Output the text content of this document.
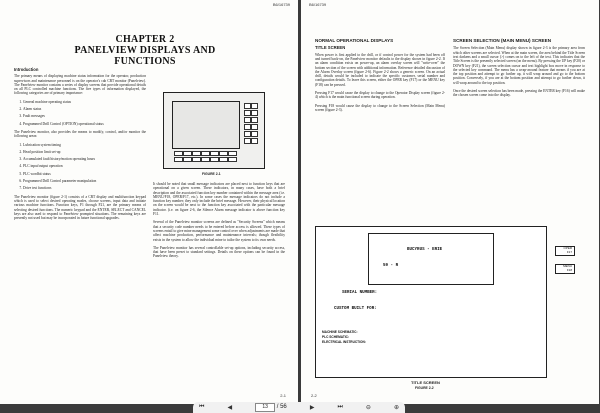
B6/16739
CHAPTER 2
PANELVIEW DISPLAYS AND FUNCTIONS
Introduction

The primary means of displaying machine status information for the operator, production supervisors and maintenance personnel is on the operator's cab CRT monitor (Panelview). The Panelview monitor contains a series of display screens that provide operational details on all PLC controlled machine functions. The five types of information displayed, the following categories are of primary importance:

1. General machine operating status
2. Alarm status
3. Fault messages
4. Programmed Drill Control (OPTION) operational status

The Panelview monitor, also provides the means to modify, control, and/or monitor the following areas:

1. Lubrication system timing
2. Head position limit set-up
3. Accumulated fault history/motion operating hours
4. PLC input/output operation
5. PLC wordbit status
6. Programmed Drill Control parameter manipulation
7. Drive test functions

The Panelview monitor (figure 2-1) consists of a CRT display and multifunction keypad which is used to select desired operating modes, choose screens, input data and initiate various machine functions. Function keys, F1 through F21, are the primary means of selecting desired functions. The numeric keypad and the ENTER, SELECT and CANCEL keys are also used to respond to Panelview prompted situations. The remaining keys are presently not used but may be incorporated in future functional upgrades.

FIGURE 2-1

It should be noted that small message indicators are placed next to function keys that are operational on a given screen. These indicators, in many cases, have both a brief description and the associated function key number contained within the message area (i.e. MENU/F18, OPER/F17, etc.). In some cases the message indicators do not include a function key number; they only include the brief message. However, their physical location on the screen would be next to the function key associated with the particular message indicator. (i.e. on figure 2-6, the Silence Alarm message indicator is above function key F11.

Several of the Panelview monitor screens are defined as "Security Screens" which means that a security code number needs to be entered before access is allowed. These types of screens entail to give mine management some control over when adjustments are made that affect machine production, performance and maintenance intervals; though flexibility exists in the system to allow the individual mine to tailor the system to its own needs.

The Panelview monitor has several controllable set-up options, including security access, that have been preset to standard settings. Details on these options can be found in the Panelview theory.

2-1
B6/16739
NORMAL OPERATIONAL DISPLAYS
TITLE SCREEN

When power is first applied to the drill, or if control power for the system had been off and turned back-on, the Panelview monitor defaults to the display shown in figure 2-2. If an alarm condition exists on power-up, an alarm overlay screen will "write-over" the bottom section of the screen with additional information. Reference detailed discussion of the Alarm Overlay screen (figure 2-6). Figure 2-2 shows a generic screen. On an actual drill, details would be included to indicate the specific customer, serial number and configuration details. To leave this screen, either the OPER key (F17) or the MENU key (F18) can be pressed.

Pressing F17 would cause the display to change to the Operator Display screen (figure 2-4) which is the main functional screen during operation.

Pressing F18 would cause the display to change to the Screen Selection (Main Menu) screen (figure 2-3).

SCREEN SELECTION (MAIN MENU) SCREEN

The Screen Selection (Main Menu) display shown in figure 2-3 is the primary area from which other screens are selected. When at the main screen, the area behind the Title Screen text darkens and a small cursor (>) comes on to the left of the text. This indicates that the Title Screen is the presently selected screen (on the menu). By pressing the UP key (F20) or DOWN key (F21), the screen selection cursor and text highlight box move in response to the selected key command. The menu has a wrap-around feature that means if you are at the top position and attempt to go further up, it will wrap around and go to the bottom position. Conversely, if you are at the bottom position and attempt to go further down, it will wrap around to the top position.

Once the desired screen selection has been made, pressing the ENTER key (F16) will make the chosen screen come into the display.

BUCYRUS - ERIE
59 - R
SERIAL NUMBER:
CUSTOM BUILT FOR:
MACHINE SCHEMATIC:
PLC SCHEMATIC:
ELECTRICAL INSTRUCTION:
OPER
F17
MENU
F18
TITLE SCREEN
FIGURE 2-2
2-2
⏮	◀	13 / 56	▶	⏭	⊖	⊕
